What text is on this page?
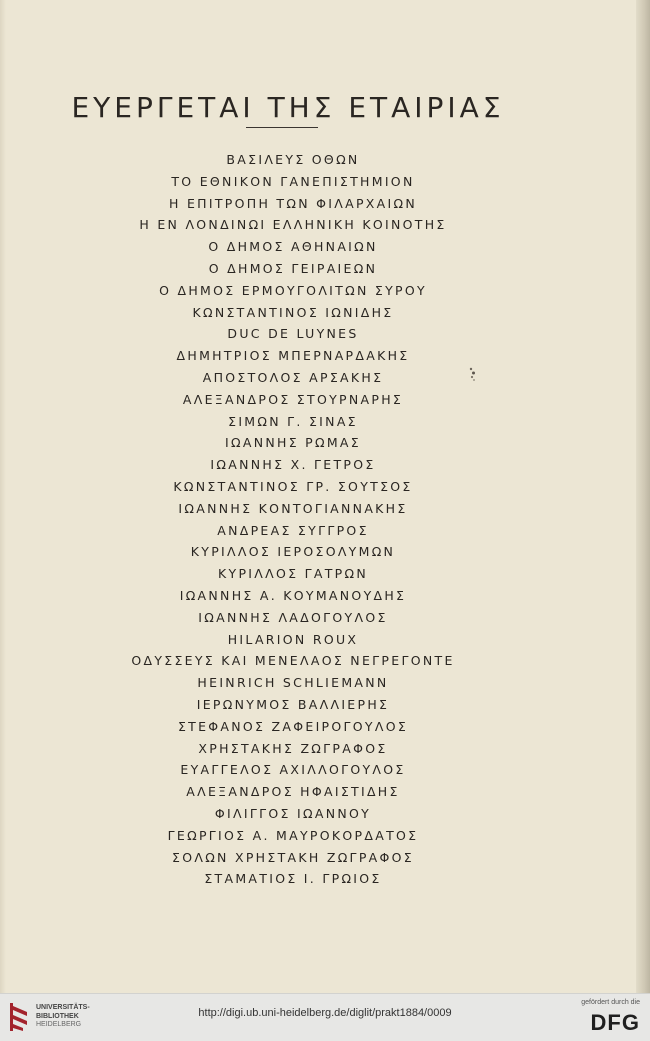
ΕΥΕΡΓΕΤΑΙ ΤΗΣ ΕΤΑΙΡΙΑΣ
ΒΑΣΙΛΕΥΣ ΟΘΩΝ
ΤΟ ΕΘΝΙΚΟΝ ΓΑΝΕΠΙΣΤΗΜΙΟΝ
Η ΕΠΙΤΡΟΠΗ ΤΩΝ ΦΙΛΑΡΧΑΙΩΝ
Η ΕΝ ΛΟΝΔΙΝΩΙ ΕΛΛΗΝΙΚΗ ΚΟΙΝΟΤΗΣ
Ο ΔΗΜΟΣ ΑΘΗΝΑΙΩΝ
Ο ΔΗΜΟΣ ΓΕΙΡΑΙΕΩΝ
Ο ΔΗΜΟΣ ΕΡΜΟΥΓΟΛΙΤΩΝ ΣΥΡΟΥ
ΚΩΝΣΤΑΝΤΙΝΟΣ ΙΩΝΙΔΗΣ
DUC DE LUYNES
ΔΗΜΗΤΡΙΟΣ ΜΠΕΡΝΑΡΔΑΚΗΣ
ΑΠΟΣΤΟΛΟΣ ΑΡΣΑΚΗΣ
ΑΛΕΞΑΝΔΡΟΣ ΣΤΟΥΡΝΑΡΗΣ
ΣΙΜΩΝ Γ. ΣΙΝΑΣ
ΙΩΑΝΝΗΣ ΡΩΜΑΣ
ΙΩΑΝΝΗΣ Χ. ΓΕΤΡΟΣ
ΚΩΝΣΤΑΝΤΙΝΟΣ ΓΡ. ΣΟΥΤΣΟΣ
ΙΩΑΝΝΗΣ ΚΟΝΤΟΓΙΑΝΝΑΚΗΣ
ΑΝΔΡΕΑΣ ΣΥΓΓΡΟΣ
ΚΥΡΙΛΛΟΣ ΙΕΡΟΣΟΛΥΜΩΝ
ΚΥΡΙΛΛΟΣ ΓΑΤΡΩΝ
ΙΩΑΝΝΗΣ Α. ΚΟΥΜΑΝΟΥΔΗΣ
ΙΩΑΝΝΗΣ ΛΑΔΟΓΟΥΛΟΣ
HILARION ROUX
ΟΔΥΣΣΕΥΣ ΚΑΙ ΜΕΝΕΛΑΟΣ ΝΕΓΡΕΓΟΝΤΕ
HEINRICH SCHLIEMANN
ΙΕΡΩΝΥΜΟΣ ΒΑΛΛΙΕΡΗΣ
ΣΤΕΦΑΝΟΣ ΖΑΦΕΙΡΟΓΟΥΛΟΣ
ΧΡΗΣΤΑΚΗΣ ΖΩΓΡΑΦΟΣ
ΕΥΑΓΓΕΛΟΣ ΑΧΙΛΛΟΓΟΥΛΟΣ
ΑΛΕΞΑΝΔΡΟΣ ΗΦΑΙΣΤΙΔΗΣ
ΦΙΛΙΓΓΟΣ ΙΩΑΝΝΟΥ
ΓΕΩΡΓΙΟΣ Α. ΜΑΥΡΟΚΟΡΔΑΤΟΣ
ΣΟΛΩΝ ΧΡΗΣΤΑΚΗ ΖΩΓΡΑΦΟΣ
ΣΤΑΜΑΤΙΟΣ Ι. ΓΡΩΙΟΣ
UNIVERSITÄTS-
BIBLIOTHEK
HEIDELBERG
http://digi.ub.uni-heidelberg.de/diglit/prakt1884/0009
gefördert durch die
DFG
